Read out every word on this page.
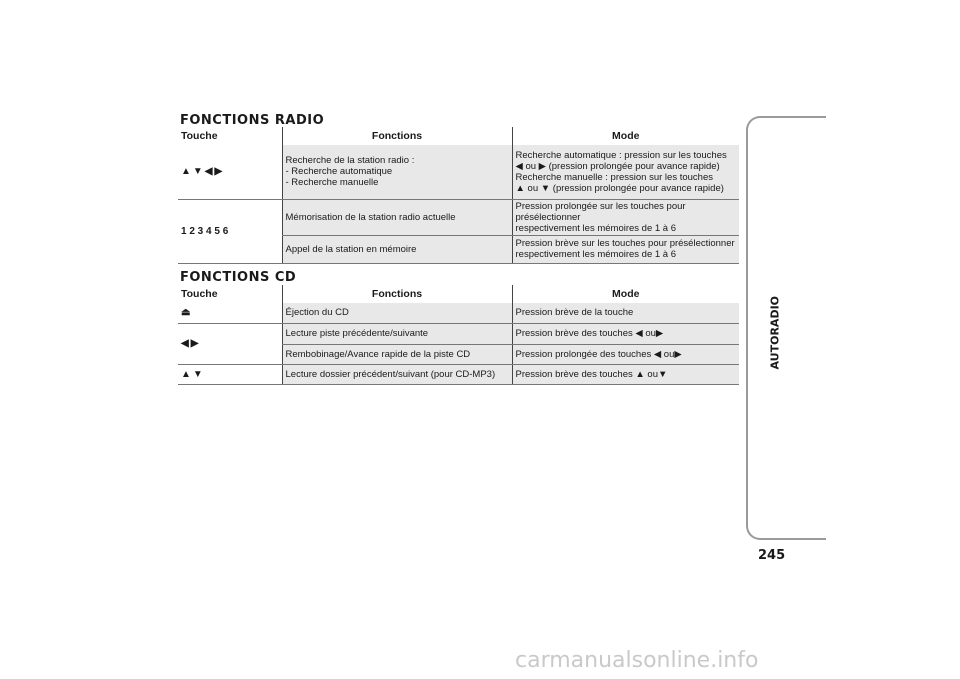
FONCTIONS RADIO
Touche	Fonctions	Mode
▲▼◀▶	Recherche de la station radio :
- Recherche automatique
- Recherche manuelle	Recherche automatique : pression sur les touches
◀ ou ▶ (pression prolongée pour avance rapide)
Recherche manuelle : pression sur les touches
▲ ou ▼ (pression prolongée pour avance rapide)

1 2 3 4 5 6	Mémorisation de la station radio actuelle	Pression prolongée sur les touches pour présélectionner
respectivement les mémoires de 1 à 6

	Appel de la station en mémoire	Pression brève sur les touches pour présélectionner
respectivement les mémoires de 1 à 6
FONCTIONS CD
Touche	Fonctions	Mode
⏏	Éjection du CD	Pression brève de la touche
◀▶	Lecture piste précédente/suivante	Pression brève des touches ◀ ou▶
	Rembobinage/Avance rapide de la piste CD	Pression prolongée des touches ◀ ou▶
▲▼	Lecture dossier précédent/suivant (pour CD-MP3)	Pression brève des touches ▲ ou▼
AUTORADIO
245
carmanualsonline.info
